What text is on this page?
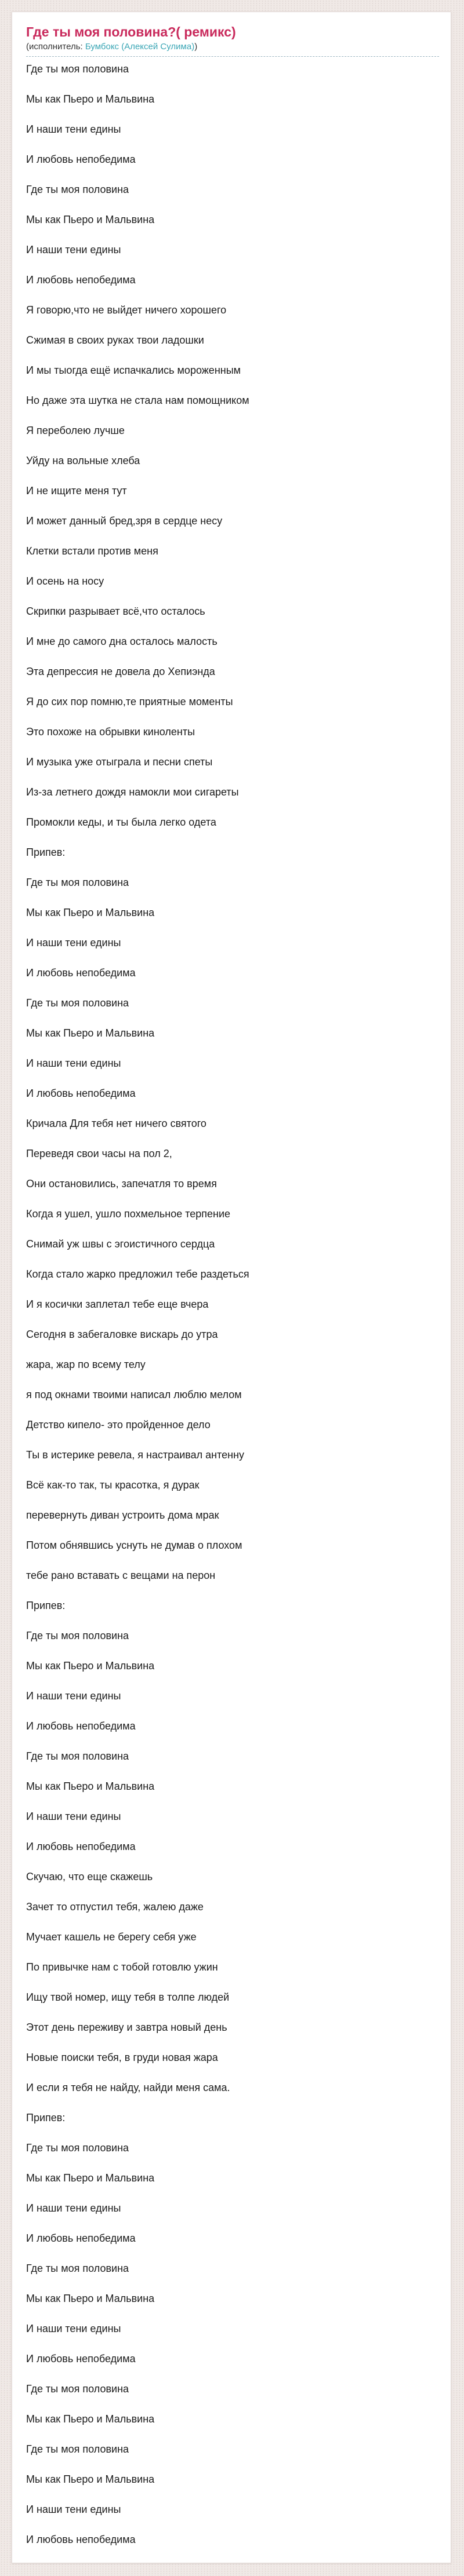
Где ты моя половина?( ремикс)
(исполнитель: Бумбокс (Алексей Сулима))

Где ты моя половина

Мы как Пьеро и Мальвина

И наши тени едины

И любовь непобедима

Где ты моя половина

Мы как Пьеро и Мальвина

И наши тени едины

И любовь непобедима

Я говорю,что не выйдет ничего хорошего

Сжимая в своих руках твои ладошки

И мы тыогда ещё испачкались мороженным

Но даже эта шутка не стала нам помощником

Я переболею лучше

Уйду на вольные хлеба

И не ищите меня тут

И может данный бред,зря в сердце несу

Клетки встали против меня

И осень на носу

Скрипки разрывает всё,что осталось

И мне до самого дна осталось малость

Эта депрессия не довела до Хепиэнда

Я до сих пор помню,те приятные моменты

Это похоже на обрывки киноленты

И музыка уже отыграла и песни спеты

Из-за летнего дождя намокли мои сигареты

Промокли кеды, и ты была легко одета

Припев:

Где ты моя половина

Мы как Пьеро и Мальвина

И наши тени едины

И любовь непобедима

Где ты моя половина

Мы как Пьеро и Мальвина

И наши тени едины

И любовь непобедима

Кричала Для тебя нет ничего святого

Переведя свои часы на пол 2,

Они остановились, запечатля то время

Когда я ушел, ушло похмельное терпение

Снимай уж швы с эгоистичного сердца

Когда стало жарко предложил тебе раздеться

И я косички заплетал тебе еще вчера

Сегодня в забегаловке вискарь до утра

жара, жар по всему телу

я под окнами твоими написал люблю мелом

Детство кипело- это пройденное дело

Ты в истерике ревела, я настраивал антенну

Всё как-то так, ты красотка, я дурак

перевернуть диван устроить дома мрак

Потом обнявшись уснуть не думав о плохом

тебе рано вставать с вещами на перон

Припев:

Где ты моя половина

Мы как Пьеро и Мальвина

И наши тени едины

И любовь непобедима

Где ты моя половина

Мы как Пьеро и Мальвина

И наши тени едины

И любовь непобедима

Скучаю, что еще скажешь

Зачет то отпустил тебя, жалею даже

Мучает кашель не берегу себя уже

По привычке нам с тобой готовлю ужин

Ищу твой номер, ищу тебя в толпе людей

Этот день переживу и завтра новый день

Новые поиски тебя, в груди новая жара

И если я тебя не найду, найди меня сама.

Припев:

Где ты моя половина

Мы как Пьеро и Мальвина

И наши тени едины

И любовь непобедима

Где ты моя половина

Мы как Пьеро и Мальвина

И наши тени едины

И любовь непобедима

Где ты моя половина

Мы как Пьеро и Мальвина

Где ты моя половина

Мы как Пьеро и Мальвина

И наши тени едины

И любовь непобедима
